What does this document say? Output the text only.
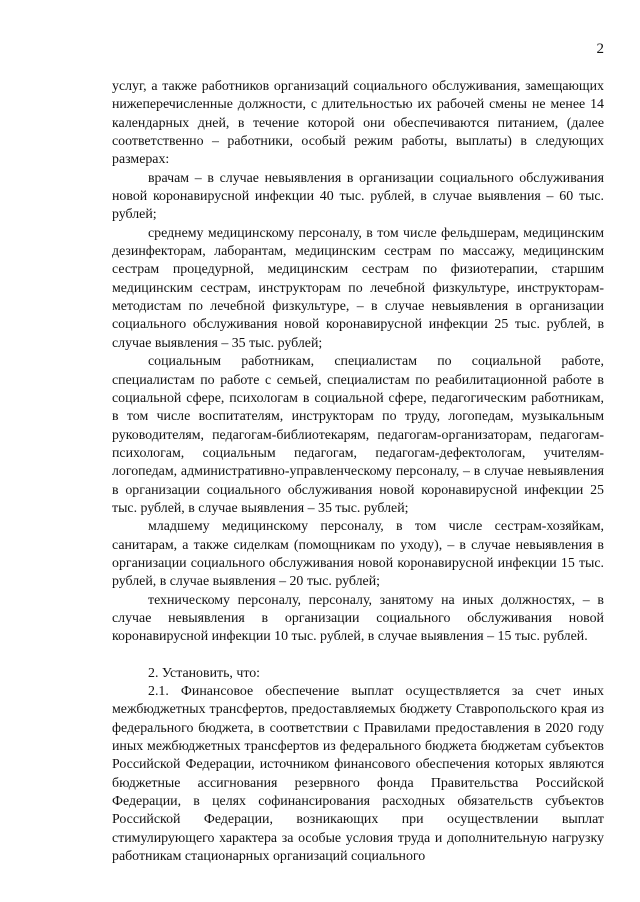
2

услуг, а также работников организаций социального обслуживания, замещающих нижеперечисленные должности, с длительностью их рабочей смены не менее 14 календарных дней, в течение которой они обеспечиваются питанием, (далее соответственно – работники, особый режим работы, выплаты) в следующих размерах:

врачам – в случае невыявления в организации социального обслуживания новой коронавирусной инфекции 40 тыс. рублей, в случае выявления – 60 тыс. рублей;

среднему медицинскому персоналу, в том числе фельдшерам, медицинским дезинфекторам, лаборантам, медицинским сестрам по массажу, медицинским сестрам процедурной, медицинским сестрам по физиотерапии, старшим медицинским сестрам, инструкторам по лечебной физкультуре, инструкторам-методистам по лечебной физкультуре, – в случае невыявления в организации социального обслуживания новой коронавирусной инфекции 25 тыс. рублей, в случае выявления – 35 тыс. рублей;

социальным работникам, специалистам по социальной работе, специалистам по работе с семьей, специалистам по реабилитационной работе в социальной сфере, психологам в социальной сфере, педагогическим работникам, в том числе воспитателям, инструкторам по труду, логопедам, музыкальным руководителям, педагогам-библиотекарям, педагогам-организаторам, педагогам-психологам, социальным педагогам, педагогам-дефектологам, учителям-логопедам, административно-управленческому персоналу, – в случае невыявления в организации социального обслуживания новой коронавирусной инфекции 25 тыс. рублей, в случае выявления – 35 тыс. рублей;

младшему медицинскому персоналу, в том числе сестрам-хозяйкам, санитарам, а также сиделкам (помощникам по уходу), – в случае невыявления в организации социального обслуживания новой коронавирусной инфекции 15 тыс. рублей, в случае выявления – 20 тыс. рублей;

техническому персоналу, персоналу, занятому на иных должностях, – в случае невыявления в организации социального обслуживания новой коронавирусной инфекции 10 тыс. рублей, в случае выявления – 15 тыс. рублей.

2. Установить, что:

2.1. Финансовое обеспечение выплат осуществляется за счет иных межбюджетных трансфертов, предоставляемых бюджету Ставропольского края из федерального бюджета, в соответствии с Правилами предоставления в 2020 году иных межбюджетных трансфертов из федерального бюджета бюджетам субъектов Российской Федерации, источником финансового обеспечения которых являются бюджетные ассигнования резервного фонда Правительства Российской Федерации, в целях софинансирования расходных обязательств субъектов Российской Федерации, возникающих при осуществлении выплат стимулирующего характера за особые условия труда и дополнительную нагрузку работникам стационарных организаций социального
